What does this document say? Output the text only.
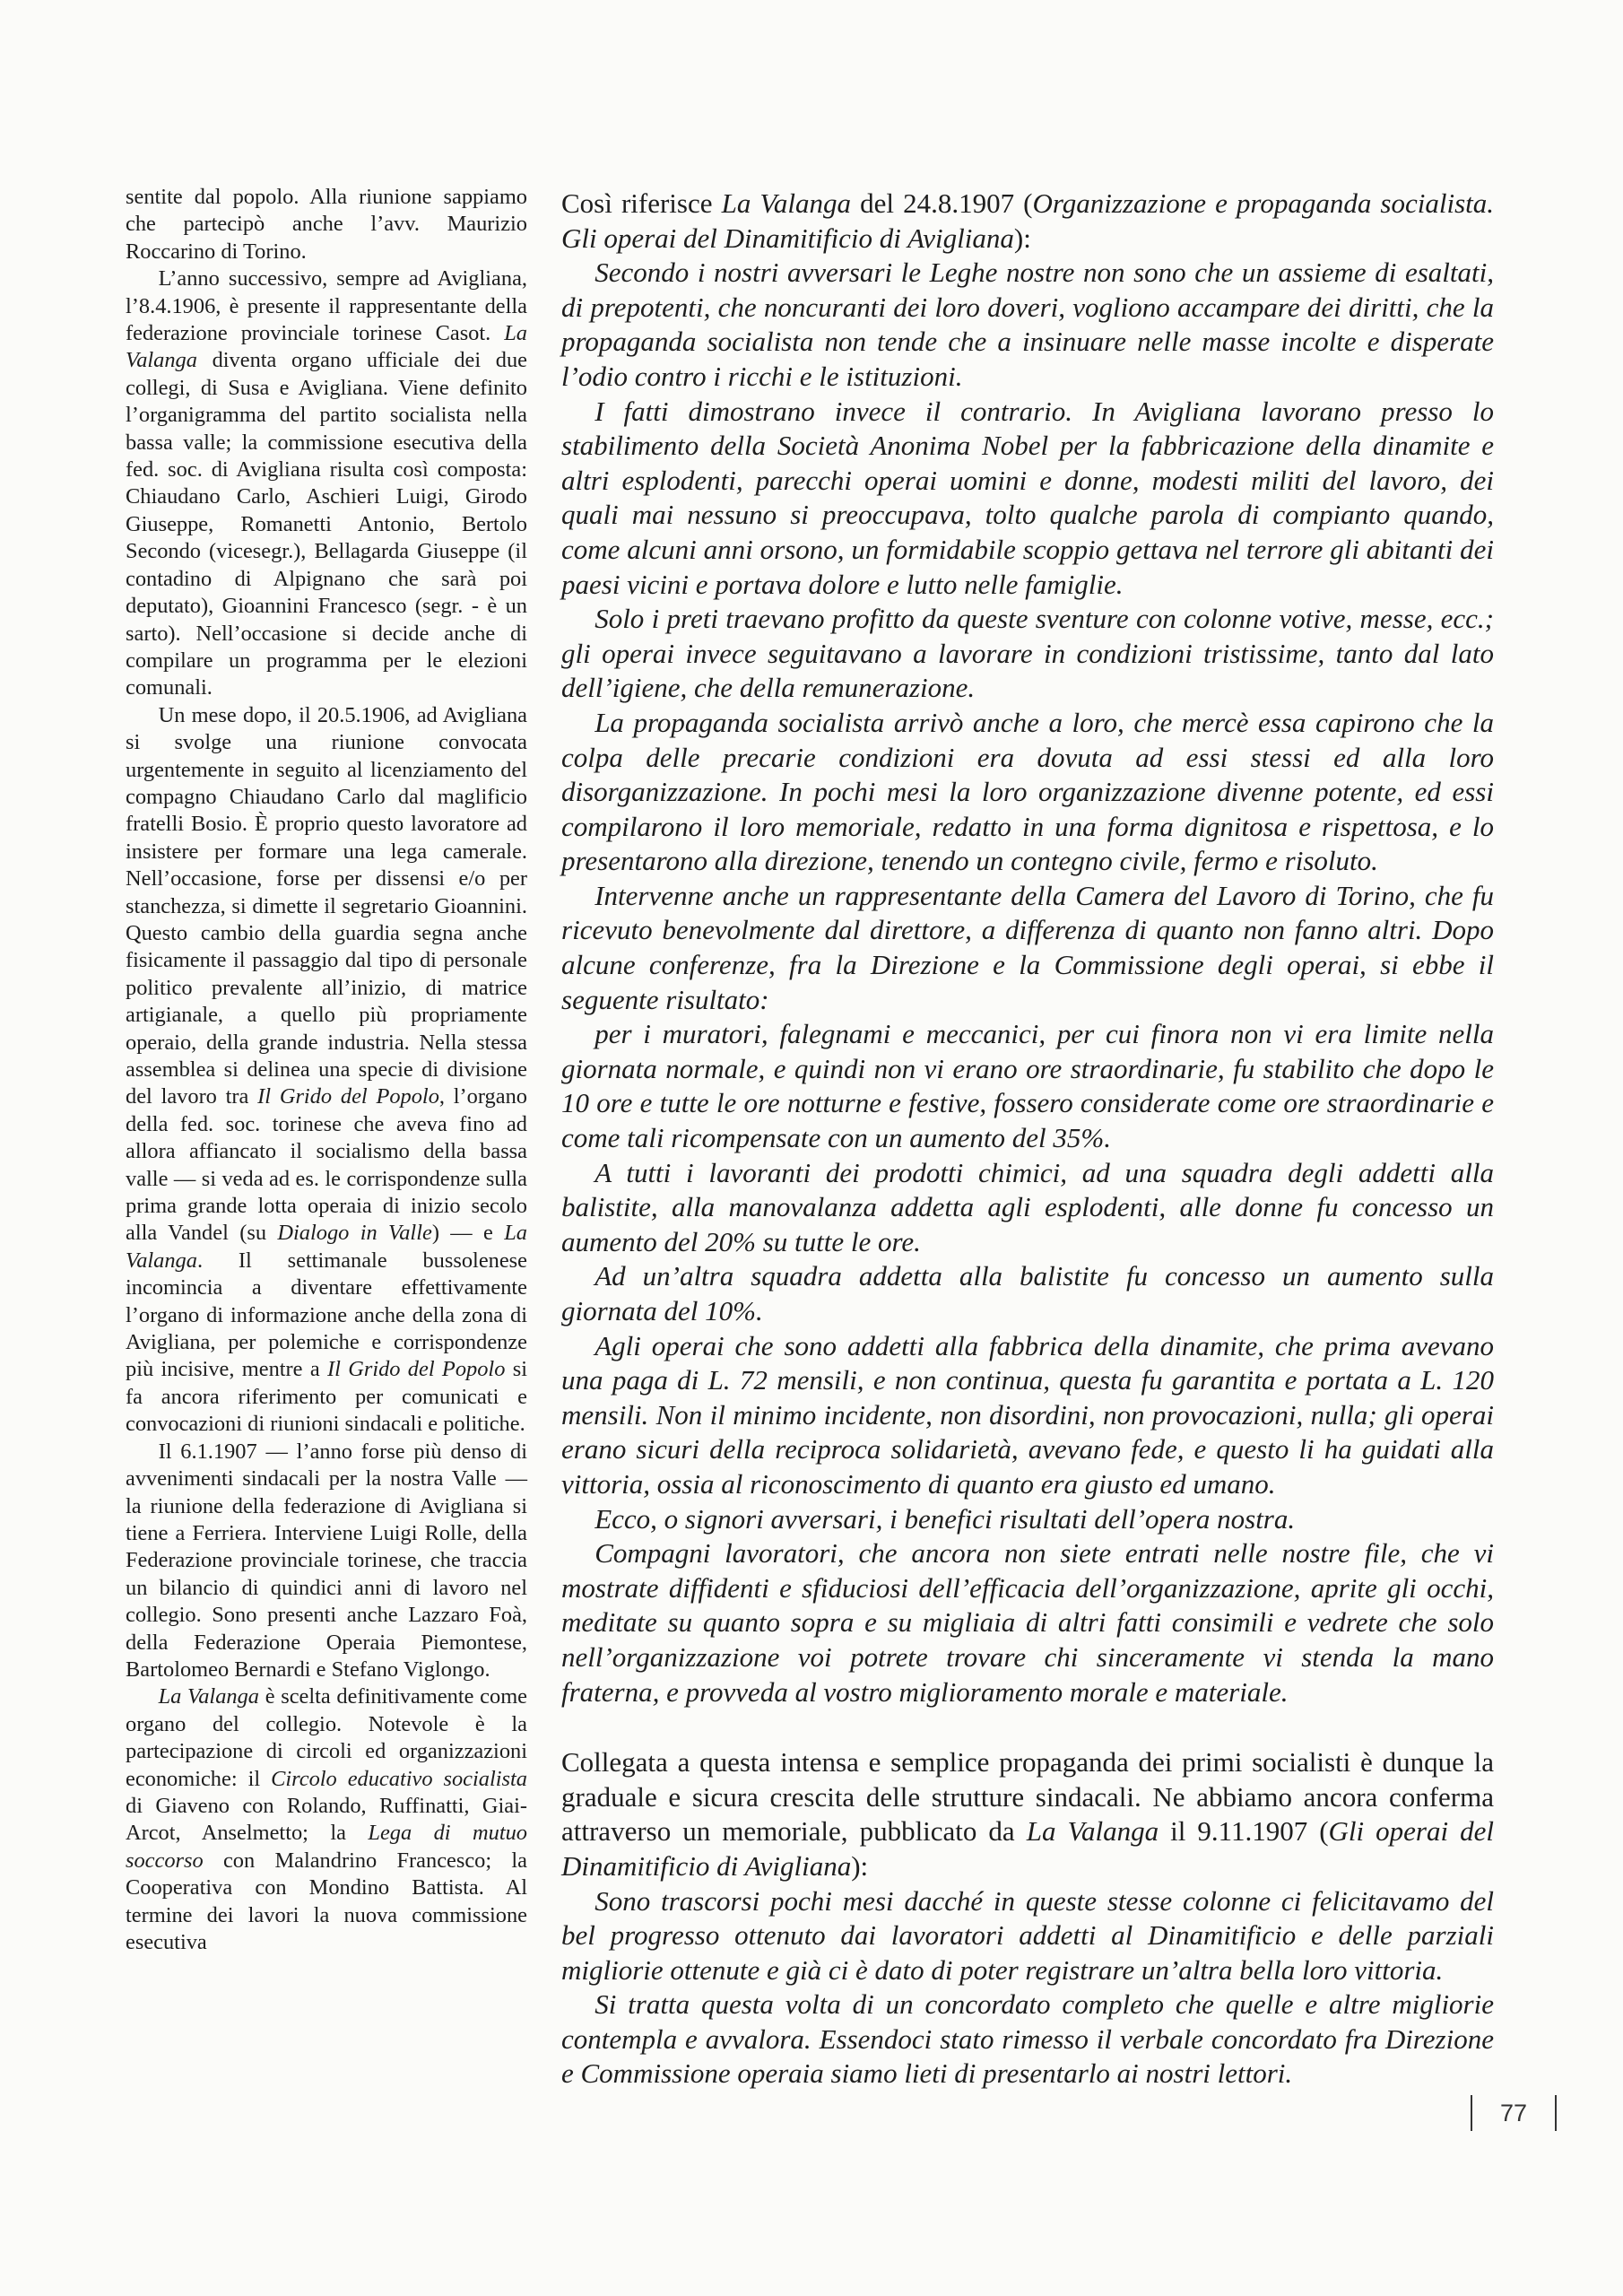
sentite dal popolo. Alla riunione sappiamo che partecipò anche l’avv. Maurizio Roccarino di Torino.

L’anno successivo, sempre ad Avigliana, l’8.4.1906, è presente il rappresentante della federazione provinciale torinese Casot. La Valanga diventa organo ufficiale dei due collegi, di Susa e Avigliana. Viene definito l’organigramma del partito socialista nella bassa valle; la commissione esecutiva della fed. soc. di Avigliana risulta così composta: Chiaudano Carlo, Aschieri Luigi, Girodo Giuseppe, Romanetti Antonio, Bertolo Secondo (vicesegr.), Bellagarda Giuseppe (il contadino di Alpignano che sarà poi deputato), Gioannini Francesco (segr. - è un sarto). Nell’occasione si decide anche di compilare un programma per le elezioni comunali.

Un mese dopo, il 20.5.1906, ad Avigliana si svolge una riunione convocata urgentemente in seguito al licenziamento del compagno Chiaudano Carlo dal maglificio fratelli Bosio. È proprio questo lavoratore ad insistere per formare una lega camerale. Nell’occasione, forse per dissensi e/o per stanchezza, si dimette il segretario Gioannini. Questo cambio della guardia segna anche fisicamente il passaggio dal tipo di personale politico prevalente all’inizio, di matrice artigianale, a quello più propriamente operaio, della grande industria. Nella stessa assemblea si delinea una specie di divisione del lavoro tra Il Grido del Popolo, l’organo della fed. soc. torinese che aveva fino ad allora affiancato il socialismo della bassa valle — si veda ad es. le corrispondenze sulla prima grande lotta operaia di inizio secolo alla Vandel (su Dialogo in Valle) — e La Valanga. Il settimanale bussolenese incomincia a diventare effettivamente l’organo di informazione anche della zona di Avigliana, per polemiche e corrispondenze più incisive, mentre a Il Grido del Popolo si fa ancora riferimento per comunicati e convocazioni di riunioni sindacali e politiche.

Il 6.1.1907 — l’anno forse più denso di avvenimenti sindacali per la nostra Valle — la riunione della federazione di Avigliana si tiene a Ferriera. Interviene Luigi Rolle, della Federazione provinciale torinese, che traccia un bilancio di quindici anni di lavoro nel collegio. Sono presenti anche Lazzaro Foà, della Federazione Operaia Piemontese, Bartolomeo Bernardi e Stefano Viglongo.

La Valanga è scelta definitivamente come organo del collegio. Notevole è la partecipazione di circoli ed organizzazioni economiche: il Circolo educativo socialista di Giaveno con Rolando, Ruffinatti, Giai-Arcot, Anselmetto; la Lega di mutuo soccorso con Malandrino Francesco; la Cooperativa con Mondino Battista. Al termine dei lavori la nuova commissione esecutiva

Così riferisce La Valanga del 24.8.1907 (Organizzazione e propaganda socialista. Gli operai del Dinamitificio di Avigliana):

Secondo i nostri avversari le Leghe nostre non sono che un assieme di esaltati, di prepotenti, che noncuranti dei loro doveri, vogliono accampare dei diritti, che la propaganda socialista non tende che a insinuare nelle masse incolte e disperate l’odio contro i ricchi e le istituzioni.

I fatti dimostrano invece il contrario. In Avigliana lavorano presso lo stabilimento della Società Anonima Nobel per la fabbricazione della dinamite e altri esplodenti, parecchi operai uomini e donne, modesti militi del lavoro, dei quali mai nessuno si preoccupava, tolto qualche parola di compianto quando, come alcuni anni orsono, un formidabile scoppio gettava nel terrore gli abitanti dei paesi vicini e portava dolore e lutto nelle famiglie.

Solo i preti traevano profitto da queste sventure con colonne votive, messe, ecc.; gli operai invece seguitavano a lavorare in condizioni tristissime, tanto dal lato dell’igiene, che della remunerazione.

La propaganda socialista arrivò anche a loro, che mercè essa capirono che la colpa delle precarie condizioni era dovuta ad essi stessi ed alla loro disorganizzazione. In pochi mesi la loro organizzazione divenne potente, ed essi compilarono il loro memoriale, redatto in una forma dignitosa e rispettosa, e lo presentarono alla direzione, tenendo un contegno civile, fermo e risoluto.

Intervenne anche un rappresentante della Camera del Lavoro di Torino, che fu ricevuto benevolmente dal direttore, a differenza di quanto non fanno altri. Dopo alcune conferenze, fra la Direzione e la Commissione degli operai, si ebbe il seguente risultato:

per i muratori, falegnami e meccanici, per cui finora non vi era limite nella giornata normale, e quindi non vi erano ore straordinarie, fu stabilito che dopo le 10 ore e tutte le ore notturne e festive, fossero considerate come ore straordinarie e come tali ricompensate con un aumento del 35%.

A tutti i lavoranti dei prodotti chimici, ad una squadra degli addetti alla balistite, alla manovalanza addetta agli esplodenti, alle donne fu concesso un aumento del 20% su tutte le ore.

Ad un’altra squadra addetta alla balistite fu concesso un aumento sulla giornata del 10%.

Agli operai che sono addetti alla fabbrica della dinamite, che prima avevano una paga di L. 72 mensili, e non continua, questa fu garantita e portata a L. 120 mensili. Non il minimo incidente, non disordini, non provocazioni, nulla; gli operai erano sicuri della reciproca solidarietà, avevano fede, e questo li ha guidati alla vittoria, ossia al riconoscimento di quanto era giusto ed umano.

Ecco, o signori avversari, i benefici risultati dell’opera nostra.

Compagni lavoratori, che ancora non siete entrati nelle nostre file, che vi mostrate diffidenti e sfiduciosi dell’efficacia dell’organizzazione, aprite gli occhi, meditate su quanto sopra e su migliaia di altri fatti consimili e vedrete che solo nell’organizzazione voi potrete trovare chi sinceramente vi stenda la mano fraterna, e provveda al vostro miglioramento morale e materiale.

Collegata a questa intensa e semplice propaganda dei primi socialisti è dunque la graduale e sicura crescita delle strutture sindacali. Ne abbiamo ancora conferma attraverso un memoriale, pubblicato da La Valanga il 9.11.1907 (Gli operai del Dinamitificio di Avigliana):

Sono trascorsi pochi mesi dacché in queste stesse colonne ci felicitavamo del bel progresso ottenuto dai lavoratori addetti al Dinamitificio e delle parziali migliorie ottenute e già ci è dato di poter registrare un’altra bella loro vittoria.

Si tratta questa volta di un concordato completo che quelle e altre migliorie contempla e avvalora. Essendoci stato rimesso il verbale concordato fra Direzione e Commissione operaia siamo lieti di presentarlo ai nostri lettori.

77
